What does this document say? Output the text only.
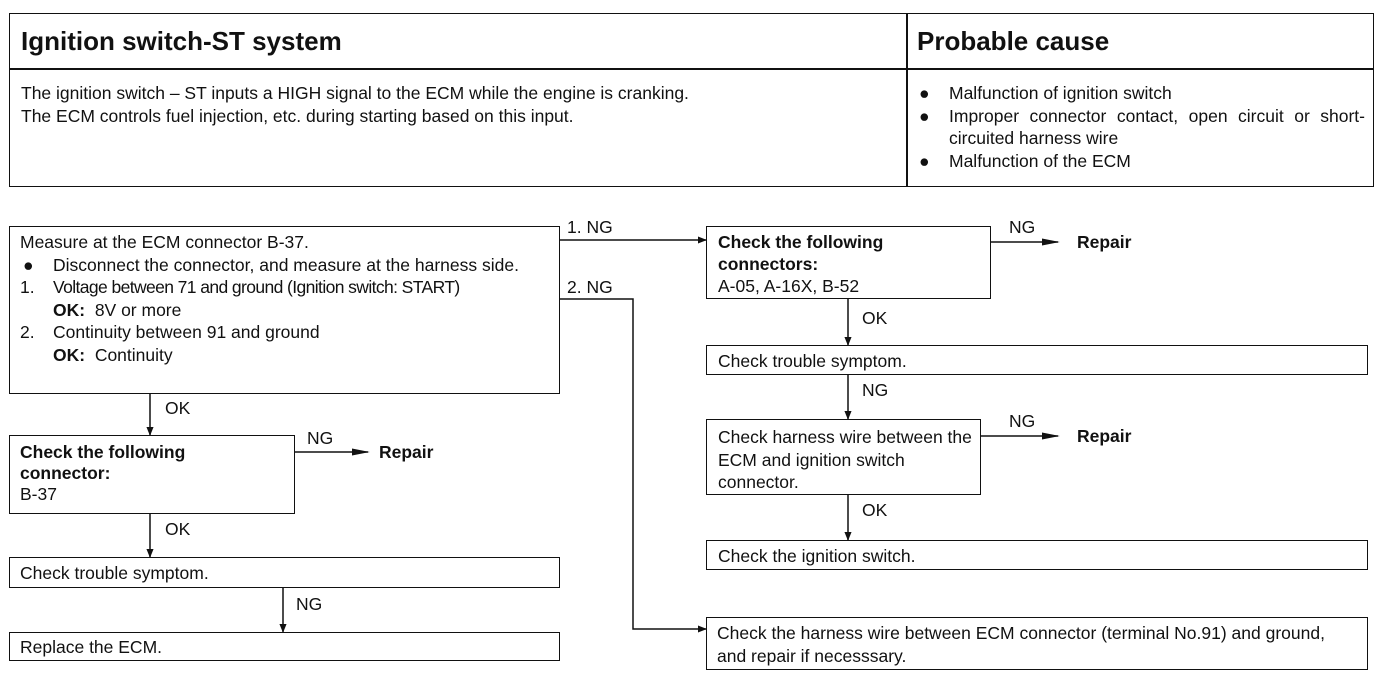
Ignition switch-ST system	Probable cause
The ignition switch – ST inputs a HIGH signal to the ECM while the engine is cranking.
The ECM controls fuel injection, etc. during starting based on this input.
● Malfunction of ignition switch
● Improper connector contact, open circuit or short-circuited harness wire
● Malfunction of the ECM
Measure at the ECM connector B-37.
● Disconnect the connector, and measure at the harness side.
1. Voltage between 71 and ground (Ignition switch: START)
OK: 8V or more
2. Continuity between 91 and ground
OK: Continuity
Check the following connector:
B-37
Check trouble symptom.
Replace the ECM.
Check the following connectors:
A-05, A-16X, B-52
Check trouble symptom.
Check harness wire between the ECM and ignition switch connector.
Check the ignition switch.
Check the harness wire between ECM connector (terminal No.91) and ground, and repair if necesssary.
OK
OK
NG
NG
Repair
1. NG
2. NG
NG
Repair
OK
NG
NG
Repair
OK
